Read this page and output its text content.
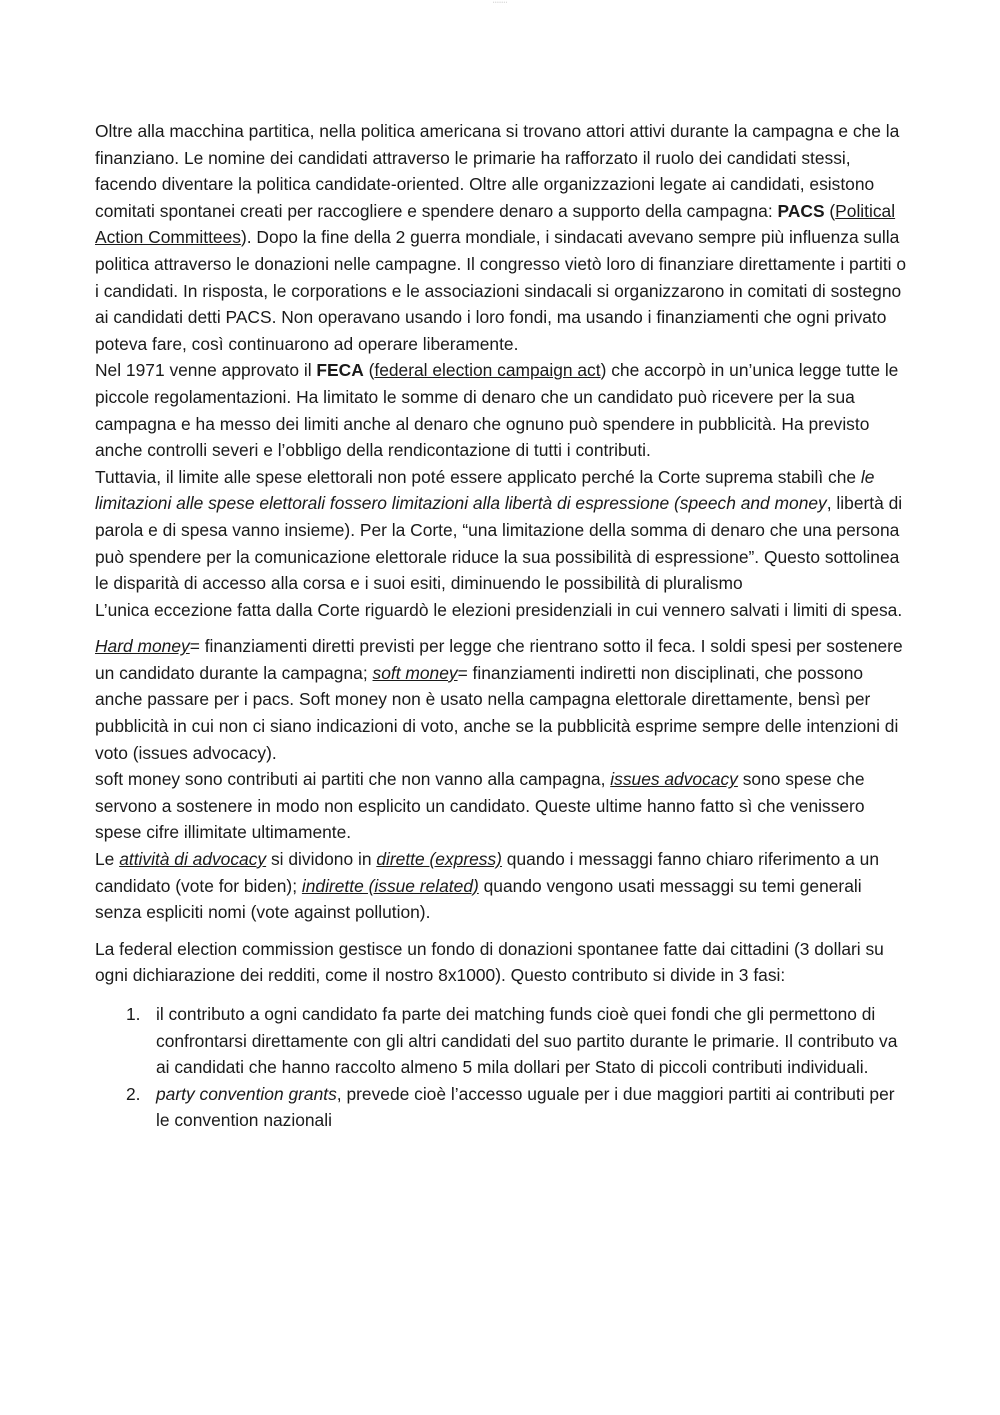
• • • • • • • •

Oltre alla macchina partitica, nella politica americana si trovano attori attivi durante la campagna e che la finanziano. Le nomine dei candidati attraverso le primarie ha rafforzato il ruolo dei candidati stessi, facendo diventare la politica candidate-oriented. Oltre alle organizzazioni legate ai candidati, esistono comitati spontanei creati per raccogliere e spendere denaro a supporto della campagna: PACS (Political Action Committees). Dopo la fine della 2 guerra mondiale, i sindacati avevano sempre più influenza sulla politica attraverso le donazioni nelle campagne. Il congresso vietò loro di finanziare direttamente i partiti o i candidati. In risposta, le corporations e le associazioni sindacali si organizzarono in comitati di sostegno ai candidati detti PACS. Non operavano usando i loro fondi, ma usando i finanziamenti che ogni privato poteva fare, così continuarono ad operare liberamente.

Nel 1971 venne approvato il FECA (federal election campaign act) che accorpò in un’unica legge tutte le piccole regolamentazioni. Ha limitato le somme di denaro che un candidato può ricevere per la sua campagna e ha messo dei limiti anche al denaro che ognuno può spendere in pubblicità. Ha previsto anche controlli severi e l’obbligo della rendicontazione di tutti i contributi.

Tuttavia, il limite alle spese elettorali non poté essere applicato perché la Corte suprema stabilì che le limitazioni alle spese elettorali fossero limitazioni alla libertà di espressione (speech and money, libertà di parola e di spesa vanno insieme). Per la Corte, “una limitazione della somma di denaro che una persona può spendere per la comunicazione elettorale riduce la sua possibilità di espressione”. Questo sottolinea le disparità di accesso alla corsa e i suoi esiti, diminuendo le possibilità di pluralismo

L’unica eccezione fatta dalla Corte riguardò le elezioni presidenziali in cui vennero salvati i limiti di spesa.

Hard money= finanziamenti diretti previsti per legge che rientrano sotto il feca. I soldi spesi per sostenere un candidato durante la campagna; soft money= finanziamenti indiretti non disciplinati, che possono anche passare per i pacs. Soft money non è usato nella campagna elettorale direttamente, bensì per pubblicità in cui non ci siano indicazioni di voto, anche se la pubblicità esprime sempre delle intenzioni di voto (issues advocacy).

soft money sono contributi ai partiti che non vanno alla campagna, issues advocacy sono spese che servono a sostenere in modo non esplicito un candidato. Queste ultime hanno fatto sì che venissero spese cifre illimitate ultimamente.

Le attività di advocacy si dividono in dirette (express) quando i messaggi fanno chiaro riferimento a un candidato (vote for biden); indirette (issue related) quando vengono usati messaggi su temi generali senza espliciti nomi (vote against pollution).

La federal election commission gestisce un fondo di donazioni spontanee fatte dai cittadini (3 dollari su ogni dichiarazione dei redditi, come il nostro 8x1000). Questo contributo si divide in 3 fasi:

1. il contributo a ogni candidato fa parte dei matching funds cioè quei fondi che gli permettono di confrontarsi direttamente con gli altri candidati del suo partito durante le primarie. Il contributo va ai candidati che hanno raccolto almeno 5 mila dollari per Stato di piccoli contributi individuali.
2. party convention grants, prevede cioè l’accesso uguale per i due maggiori partiti ai contributi per le convention nazionali
